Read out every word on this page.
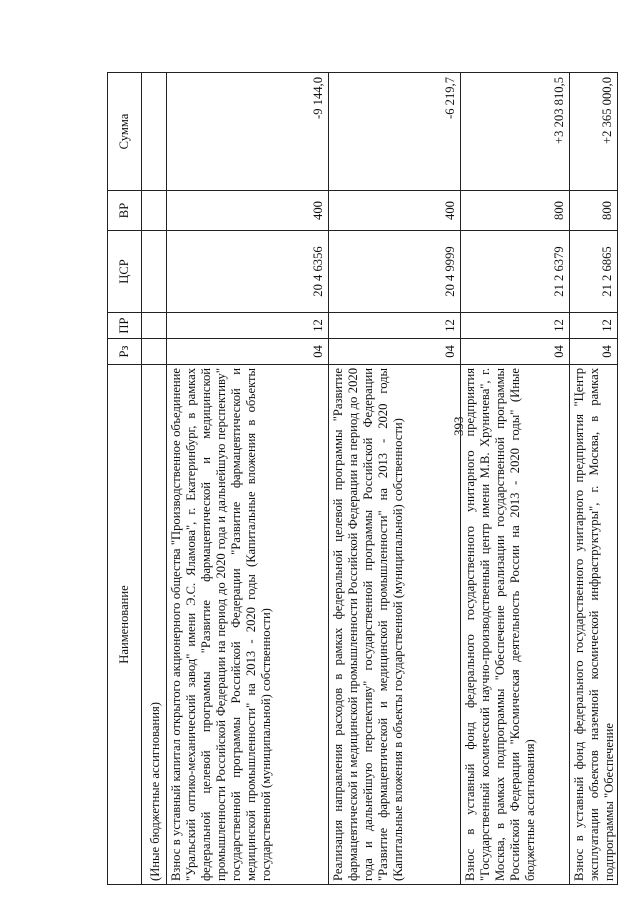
393
Наименование	Рз	ПР	ЦСР	ВР	Сумма
(Иные бюджетные ассигнования)					
Взнос в уставный капитал открытого акционерного общества "Производственное объединение "Уральский оптико-механический завод" имени Э.С. Яламова", г. Екатеринбург, в рамках федеральной целевой программы "Развитие фармацевтической и медицинской промышленности Российской Федерации на период до 2020 года и дальнейшую перспективу" государственной программы Российской Федерации "Развитие фармацевтической и медицинской промышленности" на 2013 - 2020 годы (Капитальные вложения в объекты государственной (муниципальной) собственности)	04	12	20 4 6356	400	-9 144,0
Реализация направления расходов в рамках федеральной целевой программы "Развитие фармацевтической и медицинской промышленности Российской Федерации на период до 2020 года и дальнейшую перспективу" государственной программы Российской Федерации "Развитие фармацевтической и медицинской промышленности" на 2013 - 2020 годы (Капитальные вложения в объекты государственной (муниципальной) собственности)	04	12	20 4 9999	400	-6 219,7
Взнос в уставный фонд федерального государственного унитарного предприятия "Государственный космический научно-производственный центр имени М.В. Хруничева", г. Москва, в рамках подпрограммы "Обеспечение реализации государственной программы Российской Федерации "Космическая деятельность России на 2013 - 2020 годы" (Иные бюджетные ассигнования)	04	12	21 2 6379	800	+3 203 810,5
Взнос в уставный фонд федерального государственного унитарного предприятия "Центр эксплуатации объектов наземной космической инфраструктуры", г. Москва, в рамках подпрограммы "Обеспечение	04	12	21 2 6865	800	+2 365 000,0
